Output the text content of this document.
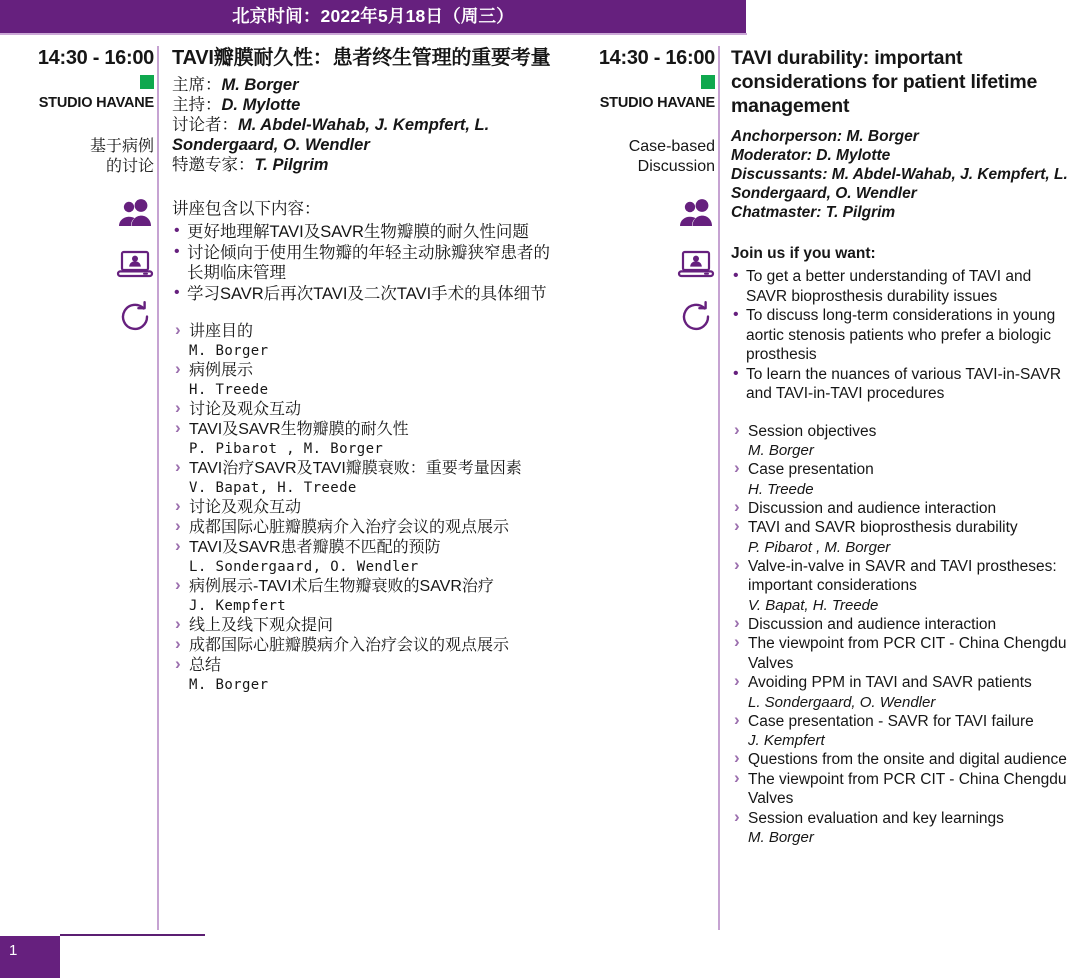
北京时间：2022年5月18日（周三）
14:30 - 16:00
STUDIO HAVANE
基于病例
的讨论
TAVI瓣膜耐久性：患者终生管理的重要考量
主席：M. Borger
主持：D. Mylotte
讨论者：M. Abdel-Wahab, J. Kempfert, L. Sondergaard, O. Wendler
特邀专家：T. Pilgrim
讲座包含以下内容：
• 更好地理解TAVI及SAVR生物瓣膜的耐久性问题
• 讨论倾向于使用生物瓣的年轻主动脉瓣狭窄患者的长期临床管理
• 学习SAVR后再次TAVI及二次TAVI手术的具体细节
› 讲座目的
M. Borger
› 病例展示
H. Treede
› 讨论及观众互动
› TAVI及SAVR生物瓣膜的耐久性
P. Pibarot , M. Borger
› TAVI治疗SAVR及TAVI瓣膜衰败：重要考量因素
V. Bapat, H. Treede
› 讨论及观众互动
› 成都国际心脏瓣膜病介入治疗会议的观点展示
› TAVI及SAVR患者瓣膜不匹配的预防
L. Sondergaard, O. Wendler
› 病例展示-TAVI术后生物瓣衰败的SAVR治疗
J. Kempfert
› 线上及线下观众提问
› 成都国际心脏瓣膜病介入治疗会议的观点展示
› 总结
M. Borger
14:30 - 16:00
STUDIO HAVANE
Case-based
Discussion
TAVI durability: important considerations for patient lifetime management
Anchorperson: M. Borger
Moderator: D. Mylotte
Discussants: M. Abdel-Wahab, J. Kempfert, L. Sondergaard, O. Wendler
Chatmaster: T. Pilgrim
Join us if you want:
• To get a better understanding of TAVI and SAVR bioprosthesis durability issues
• To discuss long-term considerations in young aortic stenosis patients who prefer a biologic prosthesis
• To learn the nuances of various TAVI-in-SAVR and TAVI-in-TAVI procedures
› Session objectives
M. Borger
› Case presentation
H. Treede
› Discussion and audience interaction
› TAVI and SAVR bioprosthesis durability
P. Pibarot , M. Borger
› Valve-in-valve in SAVR and TAVI prostheses: important considerations
V. Bapat, H. Treede
› Discussion and audience interaction
› The viewpoint from PCR CIT - China Chengdu Valves
› Avoiding PPM in TAVI and SAVR patients
L. Sondergaard, O. Wendler
› Case presentation - SAVR for TAVI failure
J. Kempfert
› Questions from the onsite and digital audience
› The viewpoint from PCR CIT - China Chengdu Valves
› Session evaluation and key learnings
M. Borger
1
